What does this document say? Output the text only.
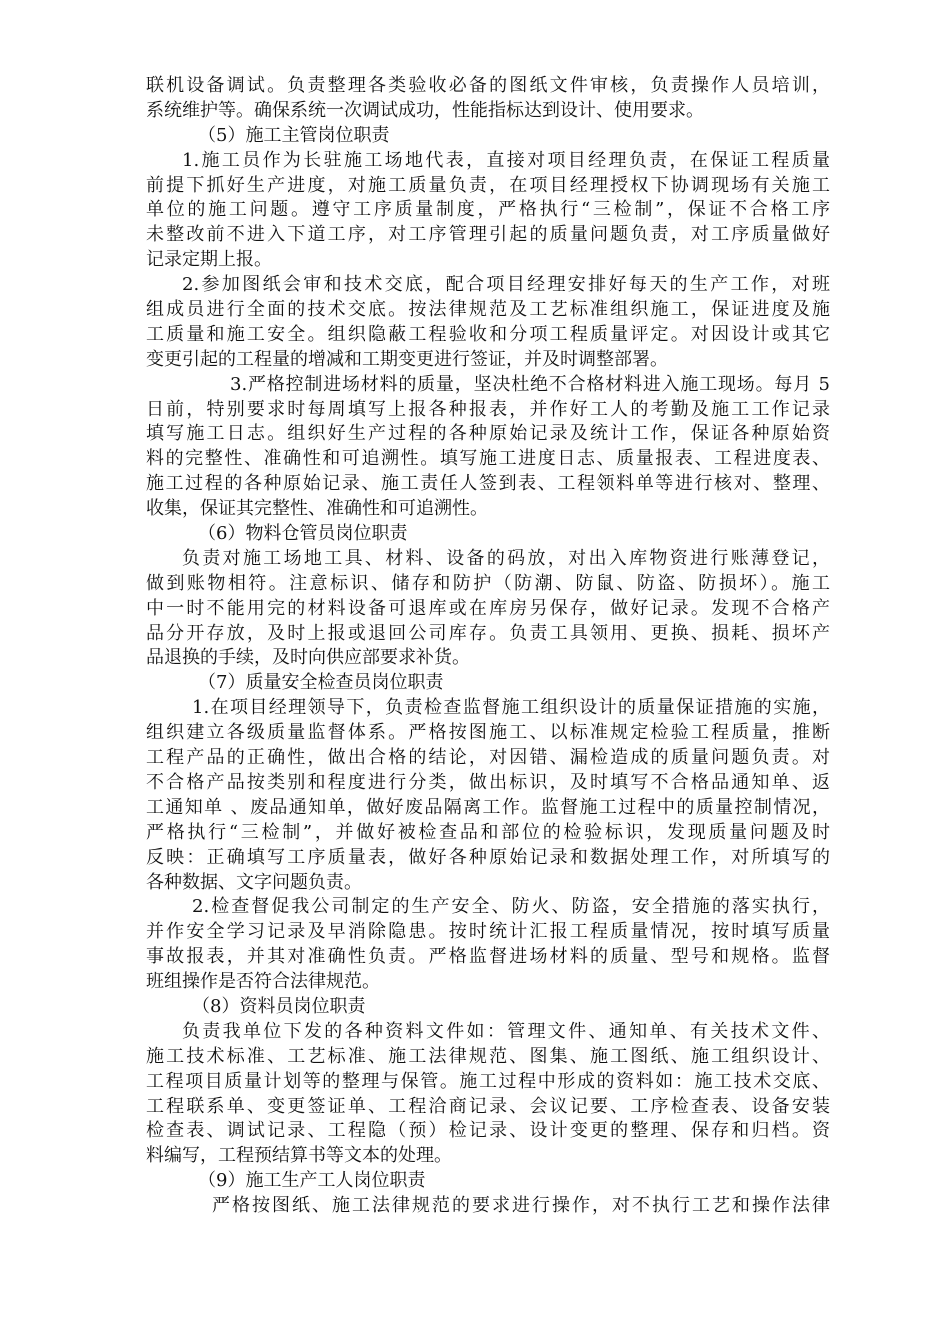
联机设备调试。负责整理各类验收必备的图纸文件审核，负责操作人员培训，
系统维护等。确保系统一次调试成功，性能指标达到设计、使用要求。
（5）施工主管岗位职责
1.施工员作为长驻施工场地代表，直接对项目经理负责，在保证工程质量
前提下抓好生产进度，对施工质量负责，在项目经理授权下协调现场有关施工
单位的施工问题。遵守工序质量制度，严格执行“三检制”，保证不合格工序
未整改前不进入下道工序，对工序管理引起的质量问题负责，对工序质量做好
记录定期上报。
2.参加图纸会审和技术交底，配合项目经理安排好每天的生产工作，对班
组成员进行全面的技术交底。按法律规范及工艺标准组织施工，保证进度及施
工质量和施工安全。组织隐蔽工程验收和分项工程质量评定。对因设计或其它
变更引起的工程量的增减和工期变更进行签证，并及时调整部署。
3.严格控制进场材料的质量，坚决杜绝不合格材料进入施工现场。每月 5
日前，特别要求时每周填写上报各种报表，并作好工人的考勤及施工工作记录
填写施工日志。组织好生产过程的各种原始记录及统计工作，保证各种原始资
料的完整性、准确性和可追溯性。填写施工进度日志、质量报表、工程进度表、
施工过程的各种原始记录、施工责任人签到表、工程领料单等进行核对、整理、
收集，保证其完整性、准确性和可追溯性。
（6）物料仓管员岗位职责
负责对施工场地工具、材料、设备的码放，对出入库物资进行账薄登记，
做到账物相符。注意标识、储存和防护（防潮、防鼠、防盗、防损坏）。施工
中一时不能用完的材料设备可退库或在库房另保存，做好记录。发现不合格产
品分开存放，及时上报或退回公司库存。负责工具领用、更换、损耗、损坏产
品退换的手续，及时向供应部要求补货。
（7）质量安全检查员岗位职责
1.在项目经理领导下，负责检查监督施工组织设计的质量保证措施的实施，
组织建立各级质量监督体系。严格按图施工、以标准规定检验工程质量，推断
工程产品的正确性，做出合格的结论，对因错、漏检造成的质量问题负责。对
不合格产品按类别和程度进行分类，做出标识，及时填写不合格品通知单、返
工通知单 、废品通知单，做好废品隔离工作。监督施工过程中的质量控制情况，
严格执行“三检制”，并做好被检查品和部位的检验标识，发现质量问题及时
反映：正确填写工序质量表，做好各种原始记录和数据处理工作，对所填写的
各种数据、文字问题负责。
2.检查督促我公司制定的生产安全、防火、防盗，安全措施的落实执行，
并作安全学习记录及早消除隐患。按时统计汇报工程质量情况，按时填写质量
事故报表，并其对准确性负责。严格监督进场材料的质量、型号和规格。监督
班组操作是否符合法律规范。
（8）资料员岗位职责
负责我单位下发的各种资料文件如：管理文件、通知单、有关技术文件、
施工技术标准、工艺标准、施工法律规范、图集、施工图纸、施工组织设计、
工程项目质量计划等的整理与保管。施工过程中形成的资料如：施工技术交底、
工程联系单、变更签证单、工程洽商记录、会议记要、工序检查表、设备安装
检查表、调试记录、工程隐（预）检记录、设计变更的整理、保存和归档。资
料编写，工程预结算书等文本的处理。
（9）施工生产工人岗位职责
严格按图纸、施工法律规范的要求进行操作，对不执行工艺和操作法律
